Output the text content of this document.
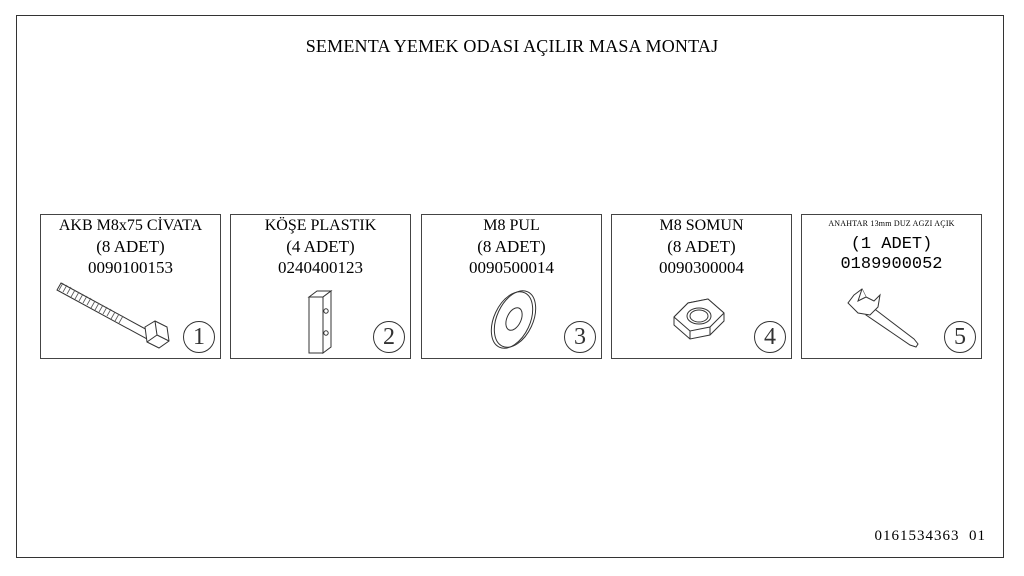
SEMENTA YEMEK ODASI AÇILIR MASA MONTAJ
AKB M8x75 CİVATA
(8 ADET)
0090100153
1
KÖŞE PLASTIK
(4 ADET)
0240400123
2
M8 PUL
(8 ADET)
0090500014
3
M8 SOMUN
(8 ADET)
0090300004
4
ANAHTAR 13mm DUZ AGZI AÇIK
(1 ADET)
0189900052
5
0161534363  01
